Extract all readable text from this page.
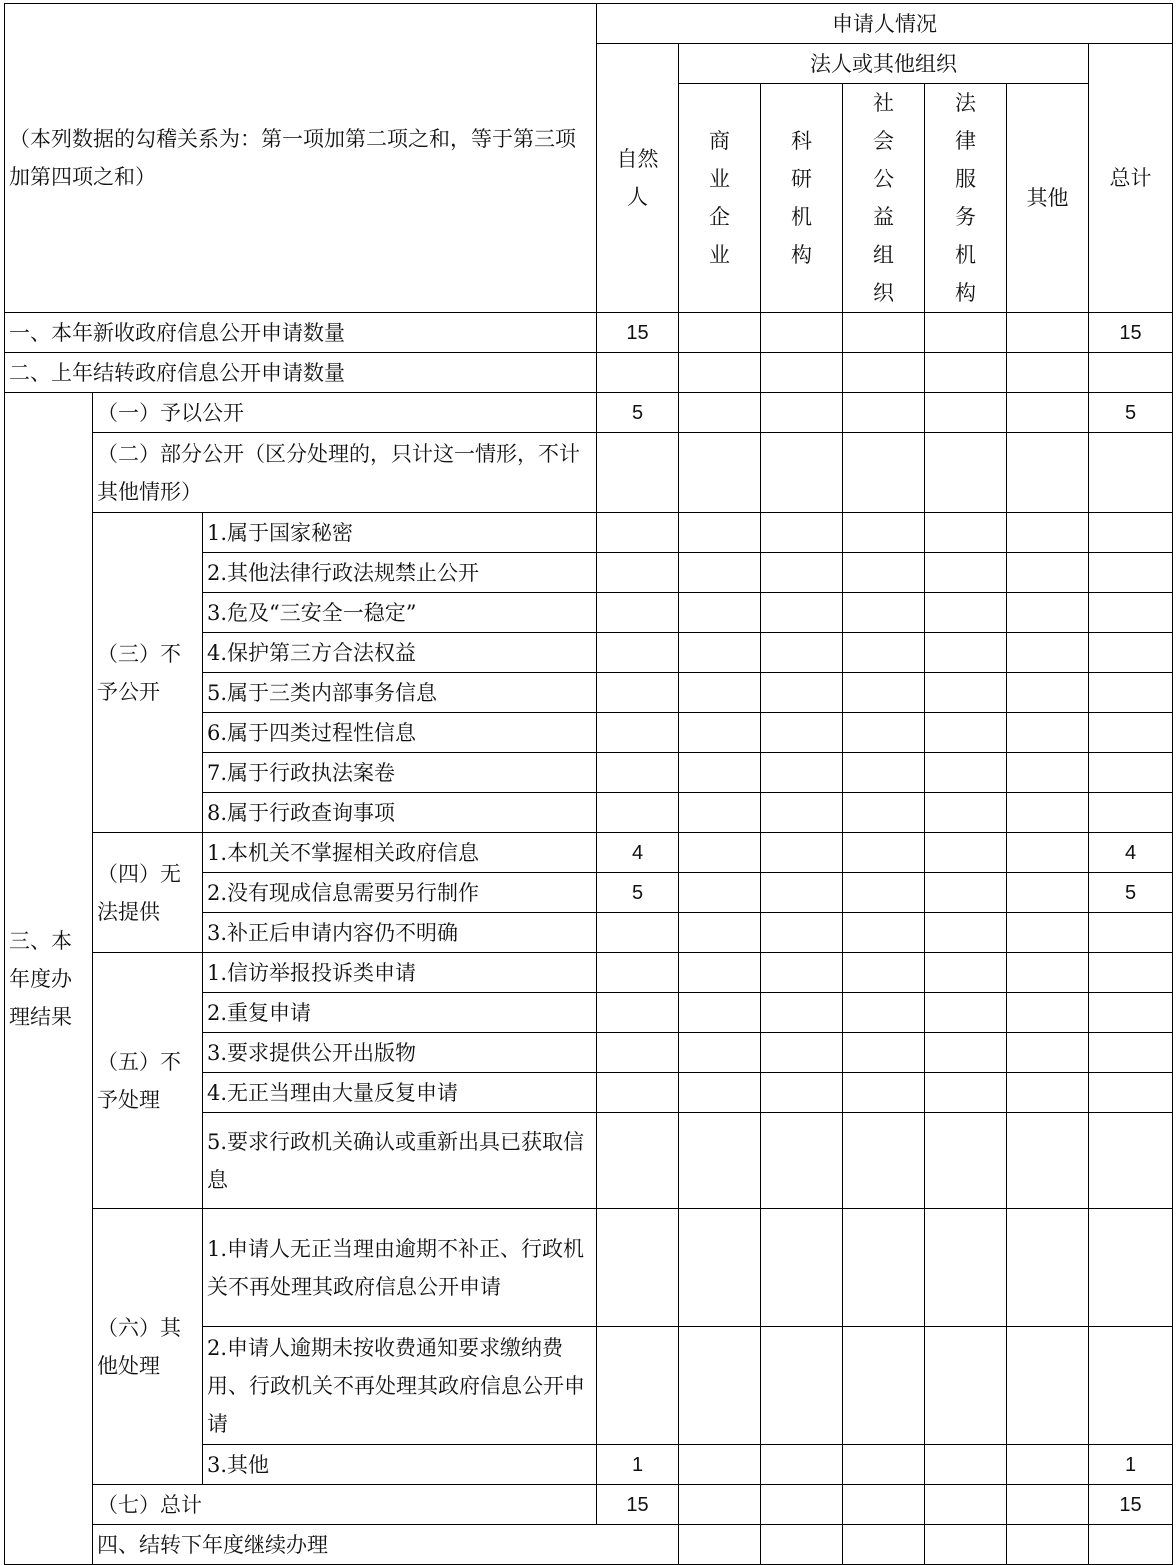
（本列数据的勾稽关系为：第一项加第二项之和，等于第三项加第四项之和）			申请人情况							

			自然人	法人或其他组织					总计	

				商业企业	科研机构	社会公益组织	法律服务机构	其他		
一、本年新收政府信息公开申请数量			15						15	
二、上年结转政府信息公开申请数量										

三、本年度办理结果	（一）予以公开		5						5	
	（二）部分公开（区分处理的，只计这一情形，不计其他情形）									
	（三）不予公开	1.属于国家秘密								
		2.其他法律行政法规禁止公开								
		3.危及“三安全一稳定”								
		4.保护第三方合法权益								
		5.属于三类内部事务信息								
		6.属于四类过程性信息								
		7.属于行政执法案卷								
		8.属于行政查询事项								
	（四）无法提供	1.本机关不掌握相关政府信息	4						4	
		2.没有现成信息需要另行制作	5						5	
		3.补正后申请内容仍不明确								
	（五）不予处理	1.信访举报投诉类申请								
		2.重复申请								
		3.要求提供公开出版物								
		4.无正当理由大量反复申请								
		5.要求行政机关确认或重新出具已获取信息								
	（六）其他处理	1.申请人无正当理由逾期不补正、行政机关不再处理其政府信息公开申请								
		2.申请人逾期未按收费通知要求缴纳费用、行政机关不再处理其政府信息公开申请								
		3.其他	1						1	
	（七）总计		15						15	
	四、结转下年度继续办理									
